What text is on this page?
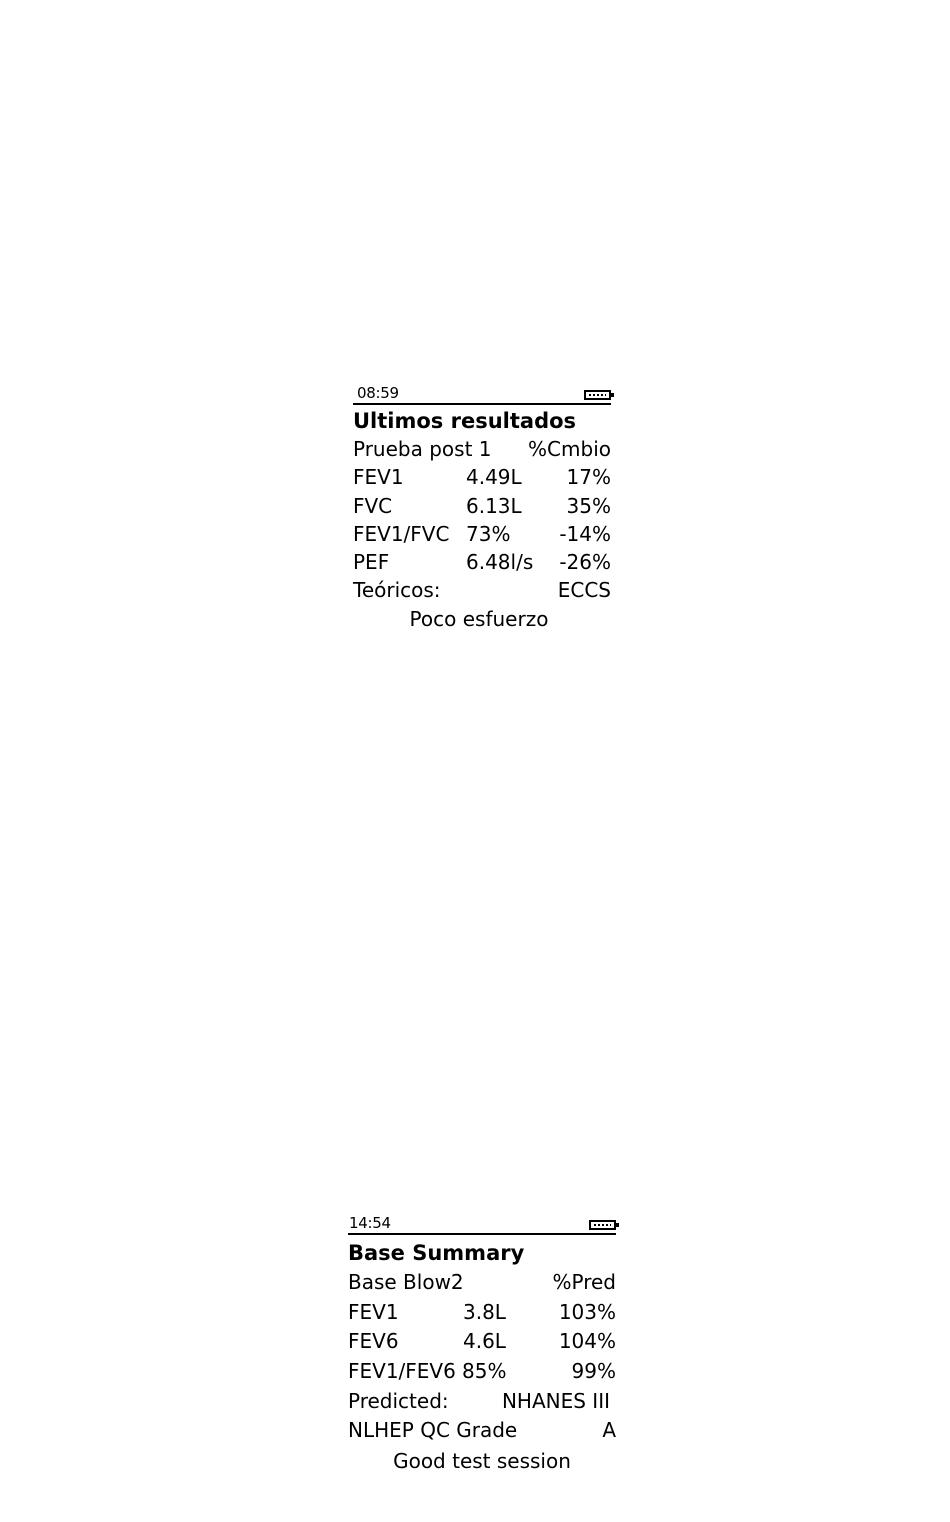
08:59
Ultimos resultados
Prueba post 1 %Cmbio
FEV1	4.49L 17%
FVC	6.13L 35%
FEV1/FVC 73% -14%
PEF	6.48l/s -26%
Teóricos:	ECCS
Poco esfuerzo
14:54
Base Summary
Base Blow2	%Pred
FEV1	3.8L	103%
FEV6	4.6L	104%
FEV1/FEV6 85%	99%
Predicted:	NHANES III
NLHEP QC Grade	A
Good test session
